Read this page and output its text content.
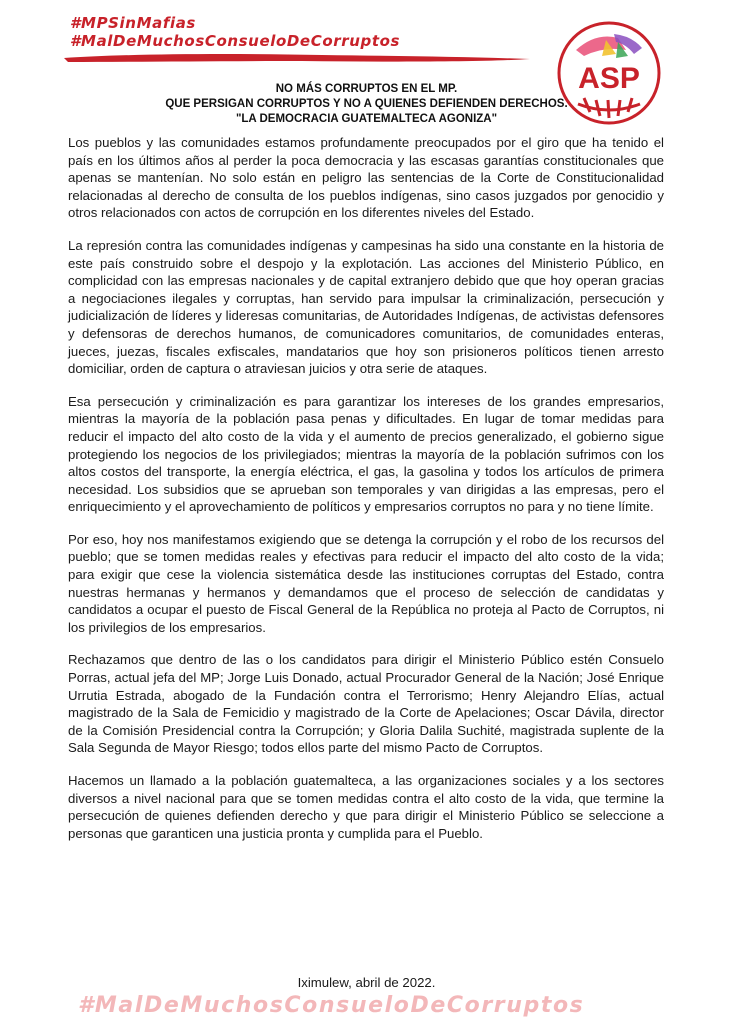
#MPSinMafias
#MalDeMuchosConsueloDeCorruptos
ASP
NO MÁS CORRUPTOS EN EL MP.
QUE PERSIGAN CORRUPTOS Y NO A QUIENES DEFIENDEN DERECHOS.
"LA DEMOCRACIA GUATEMALTECA AGONIZA"

Los pueblos y las comunidades estamos profundamente preocupados por el giro que ha tenido el país en los últimos años al perder la poca democracia y las escasas garantías constitucionales que apenas se mantenían. No solo están en peligro las sentencias de la Corte de Constitucionalidad relacionadas al derecho de consulta de los pueblos indígenas, sino casos juzgados por genocidio y otros relacionados con actos de corrupción en los diferentes niveles del Estado.

La represión contra las comunidades indígenas y campesinas ha sido una constante en la historia de este país construido sobre el despojo y la explotación. Las acciones del Ministerio Público, en complicidad con las empresas nacionales y de capital extranjero debido que que hoy operan gracias a negociaciones ilegales y corruptas, han servido para impulsar la criminalización, persecución y judicialización de líderes y lideresas comunitarias, de Autoridades Indígenas, de activistas defensores y defensoras de derechos humanos, de comunicadores comunitarios, de comunidades enteras, jueces, juezas, fiscales exfiscales, mandatarios que hoy son prisioneros políticos tienen arresto domiciliar, orden de captura o atraviesan juicios y otra serie de ataques.

Esa persecución y criminalización es para garantizar los intereses de los grandes empresarios, mientras la mayoría de la población pasa penas y dificultades. En lugar de tomar medidas para reducir el impacto del alto costo de la vida y el aumento de precios generalizado, el gobierno sigue protegiendo los negocios de los privilegiados; mientras la mayoría de la población sufrimos con los altos costos del transporte, la energía eléctrica, el gas, la gasolina y todos los artículos de primera necesidad. Los subsidios que se aprueban son temporales y van dirigidas a las empresas, pero el enriquecimiento y el aprovechamiento de políticos y empresarios corruptos no para y no tiene límite.

Por eso, hoy nos manifestamos exigiendo que se detenga la corrupción y el robo de los recursos del pueblo; que se tomen medidas reales y efectivas para reducir el impacto del alto costo de la vida; para exigir que cese la violencia sistemática desde las instituciones corruptas del Estado, contra nuestras hermanas y hermanos y demandamos que el proceso de selección de candidatas y candidatos a ocupar el puesto de Fiscal General de la República no proteja al Pacto de Corruptos, ni los privilegios de los empresarios.

Rechazamos que dentro de las o los candidatos para dirigir el Ministerio Público estén Consuelo Porras, actual jefa del MP; Jorge Luis Donado, actual Procurador General de la Nación; José Enrique Urrutia Estrada, abogado de la Fundación contra el Terrorismo; Henry Alejandro Elías, actual magistrado de la Sala de Femicidio y magistrado de la Corte de Apelaciones; Oscar Dávila, director de la Comisión Presidencial contra la Corrupción; y Gloria Dalila Suchité, magistrada suplente de la Sala Segunda de Mayor Riesgo; todos ellos parte del mismo Pacto de Corruptos.

Hacemos un llamado a la población guatemalteca, a las organizaciones sociales y a los sectores diversos a nivel nacional para que se tomen medidas contra el alto costo de la vida, que termine la persecución de quienes defienden derecho y que para dirigir el Ministerio Público se seleccione a personas que garanticen una justicia pronta y cumplida para el Pueblo.

Iximulew, abril de 2022.
#MalDeMuchosConsueloDeCorruptos
